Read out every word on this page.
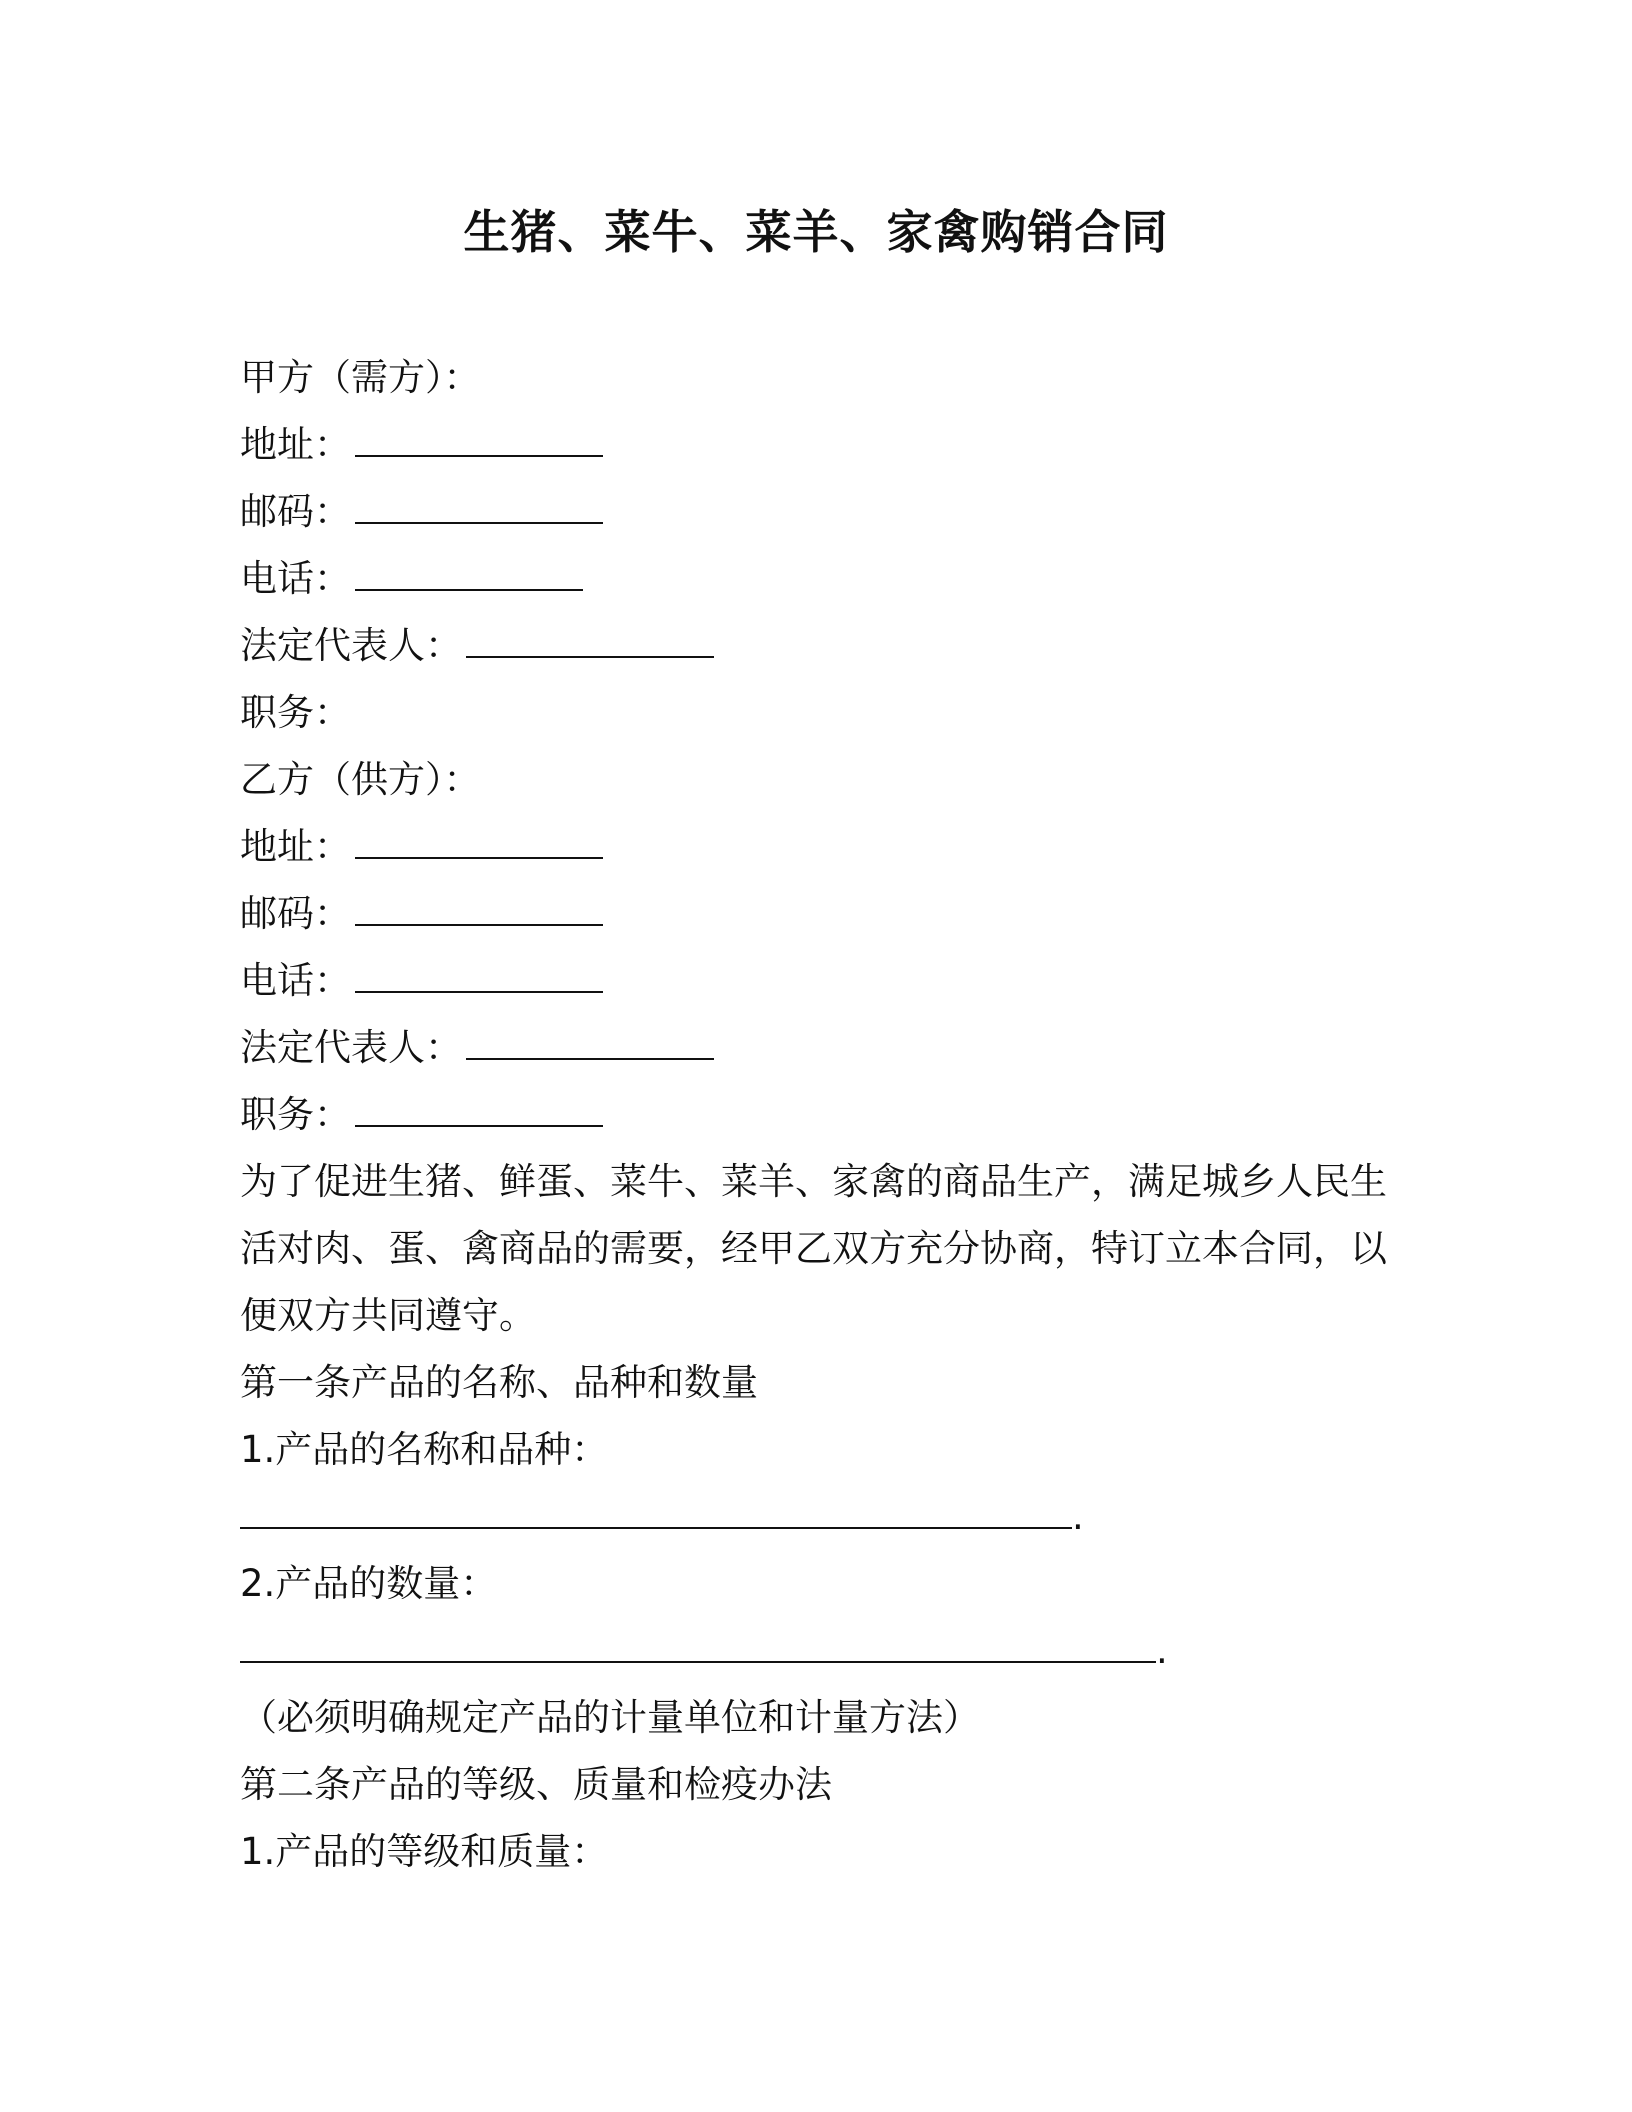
生猪、菜牛、菜羊、家禽购销合同
甲方（需方）：
地址：
邮码：
电话：
法定代表人：
职务：
乙方（供方）：
地址：
邮码：
电话：
法定代表人：
职务：
为了促进生猪、鲜蛋、菜牛、菜羊、家禽的商品生产，满足城乡人民生活对肉、蛋、禽商品的需要，经甲乙双方充分协商，特订立本合同，以便双方共同遵守。
第一条产品的名称、品种和数量
1.产品的名称和品种：
.
2.产品的数量：
.
（必须明确规定产品的计量单位和计量方法）
第二条产品的等级、质量和检疫办法
1.产品的等级和质量：
